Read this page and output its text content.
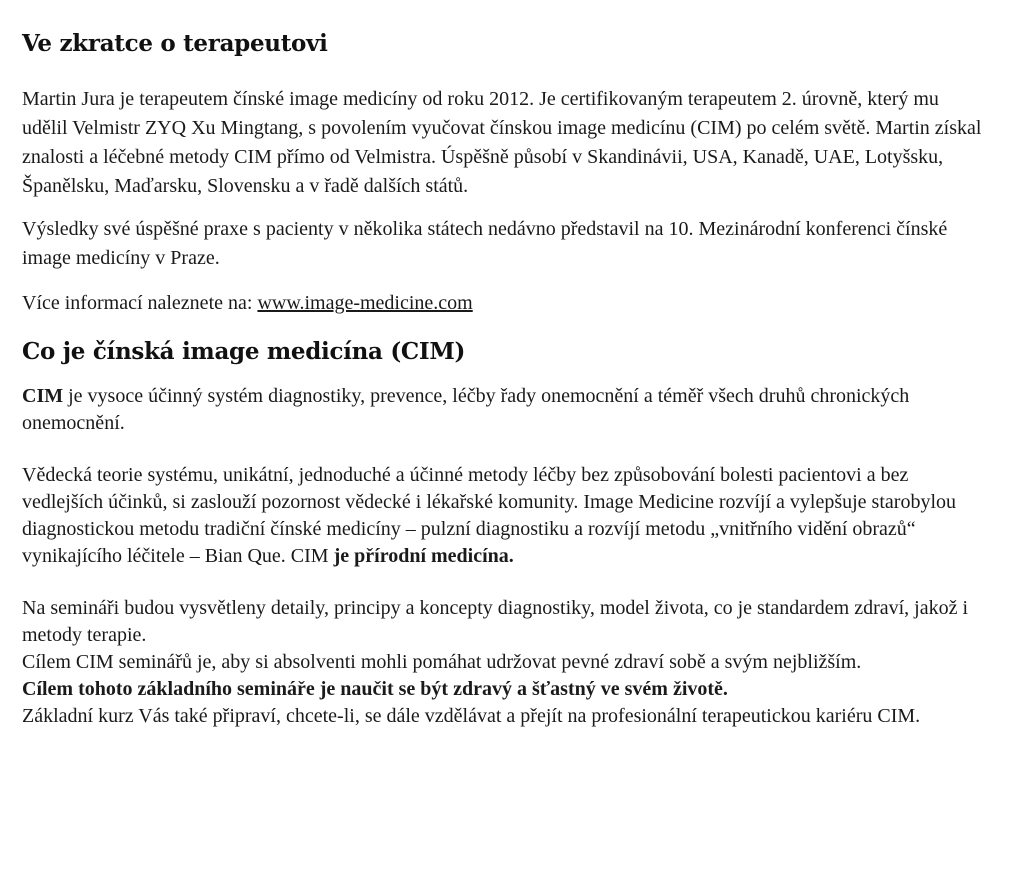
Ve zkratce o terapeutovi

Martin Jura je terapeutem čínské image medicíny od roku 2012. Je certifikovaným terapeutem 2. úrovně, který mu udělil Velmistr ZYQ Xu Mingtang, s povolením vyučovat čínskou image medicínu (CIM) po celém světě. Martin získal znalosti a léčebné metody CIM přímo od Velmistra. Úspěšně působí v Skandinávii, USA, Kanadě, UAE, Lotyšsku, Španělsku, Maďarsku, Slovensku a v řadě dalších států.

Výsledky své úspěšné praxe s pacienty v několika státech nedávno představil na 10. Mezinárodní konferenci čínské image medicíny v Praze.

Více informací naleznete na: www.image-medicine.com

Co je čínská image medicína (CIM)

CIM je vysoce účinný systém diagnostiky, prevence, léčby řady onemocnění a téměř všech druhů chronických onemocnění.

Vědecká teorie systému, unikátní, jednoduché a účinné metody léčby bez způsobování bolesti pacientovi a bez vedlejších účinků, si zaslouží pozornost vědecké i lékařské komunity. Image Medicine rozvíjí a vylepšuje starobylou diagnostickou metodu tradiční čínské medicíny – pulzní diagnostiku a rozvíjí metodu „vnitřního vidění obrazů“ vynikajícího léčitele – Bian Que. CIM je přírodní medicína.

Na semináři budou vysvětleny detaily, principy a koncepty diagnostiky, model života, co je standardem zdraví, jakož i metody terapie.
Cílem CIM seminářů je, aby si absolventi mohli pomáhat udržovat pevné zdraví sobě a svým nejbližším.
Cílem tohoto základního semináře je naučit se být zdravý a šťastný ve svém životě.
Základní kurz Vás také připraví, chcete-li, se dále vzdělávat a přejít na profesionální terapeutickou kariéru CIM.
